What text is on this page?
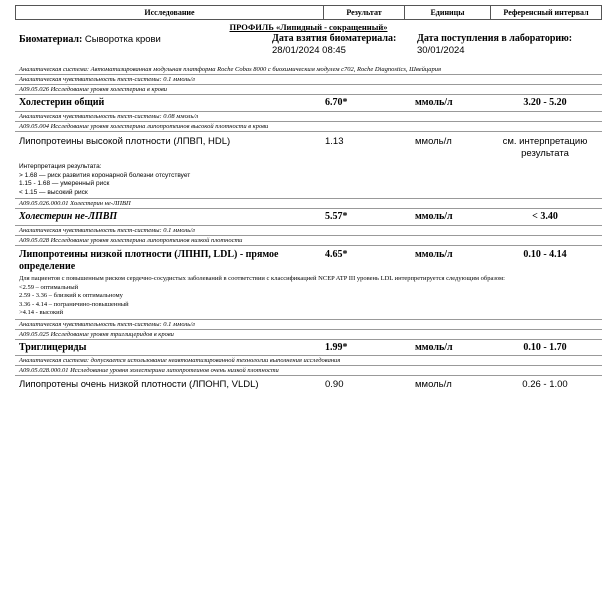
Исследование	Результат	Единицы	Референсный интервал
ПРОФИЛЬ «Липидный - сокращенный»
Биоматериал: Сыворотка крови	Дата взятия биоматериала:
28/01/2024 08:45
Дата поступления в лабораторию:
30/01/2024
Аналитическая система: Автоматизированная модульная платформа Roche Cobas 8000 с биохимическим модулем c702, Roche Diagnostics, Швейцария
Аналитическая чувствительность тест-системы: 0.1 ммоль/л
A09.05.026 Исследование уровня холестерина в крови
Холестерин общий	6.70*	ммоль/л	3.20 - 5.20
Аналитическая чувствительность тест-системы: 0.08 ммоль/л
A09.05.004 Исследование уровня холестерина липопротеинов высокой плотности в крови
Липопротеины высокой плотности (ЛПВП, HDL)	1.13	ммоль/л	см. интерпретацию результата
Интерпретация результата:
> 1.68 — риск развития коронарной болезни отсутствует
1.15 - 1.68 — умеренный риск
< 1.15 — высокий риск
A09.05.026.000.01 Холестерин не-ЛПВП
Холестерин не-ЛПВП	5.57*	ммоль/л	< 3.40
Аналитическая чувствительность тест-системы: 0.1 ммоль/л
A09.05.028 Исследование уровня холестерина липопротеинов низкой плотности
Липопротеины низкой плотности (ЛПНП, LDL) - прямое определение
4.65*	ммоль/л	0.10 - 4.14
Для пациентов с повышенным риском сердечно-сосудистых заболеваний в соответствии с классификацией NCEP ATP III уровень LDL интерпретируется следующим образом:
<2.59 – оптимальный
2.59 - 3.36 – близкий к оптимальному
3.36 - 4.14 – пограничино-повышенный
>4.14 - высокий
Аналитическая чувствительность тест-системы: 0.1 ммоль/л
A09.05.025 Исследование уровня триглицеридов в крови
Триглицериды	1.99*	ммоль/л	0.10 - 1.70
Аналитическая система: допускается использование неавтоматизированной технологии выполнения исследования
A09.05.028.000.01 Исследование уровня холестерина липопротеинов очень низкой плотности
Липопротены очень низкой плотности (ЛПОНП, VLDL)	0.90	ммоль/л	0.26 - 1.00
